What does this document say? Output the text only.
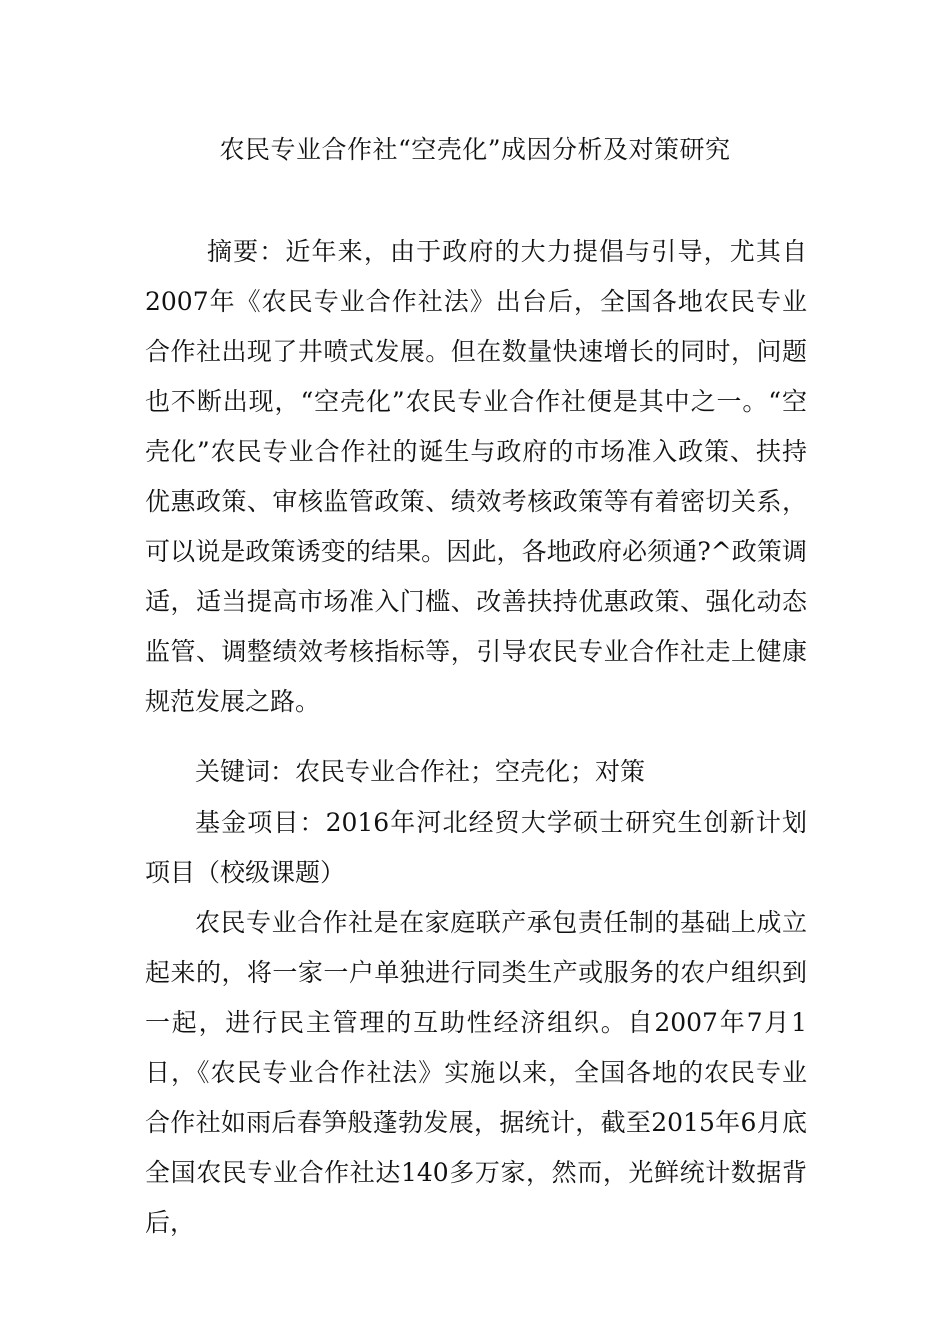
农民专业合作社“空壳化”成因分析及对策研究

摘要：近年来，由于政府的大力提倡与引导，尤其自2007年《农民专业合作社法》出台后，全国各地农民专业合作社出现了井喷式发展。但在数量快速增长的同时，问题也不断出现，“空壳化”农民专业合作社便是其中之一。“空壳化”农民专业合作社的诞生与政府的市场准入政策、扶持优惠政策、审核监管政策、绩效考核政策等有着密切关系，可以说是政策诱变的结果。因此，各地政府必须通?^政策调适，适当提高市场准入门槛、改善扶持优惠政策、强化动态监管、调整绩效考核指标等，引导农民专业合作社走上健康规范发展之路。

关键词：农民专业合作社；空壳化；对策

基金项目：2016年河北经贸大学硕士研究生创新计划项目（校级课题）

农民专业合作社是在家庭联产承包责任制的基础上成立起来的，将一家一户单独进行同类生产或服务的农户组织到一起，进行民主管理的互助性经济组织。自2007年7月1日，《农民专业合作社法》实施以来，全国各地的农民专业合作社如雨后春笋般蓬勃发展，据统计，截至2015年6月底全国农民专业合作社达140多万家，然而，光鲜统计数据背后，
